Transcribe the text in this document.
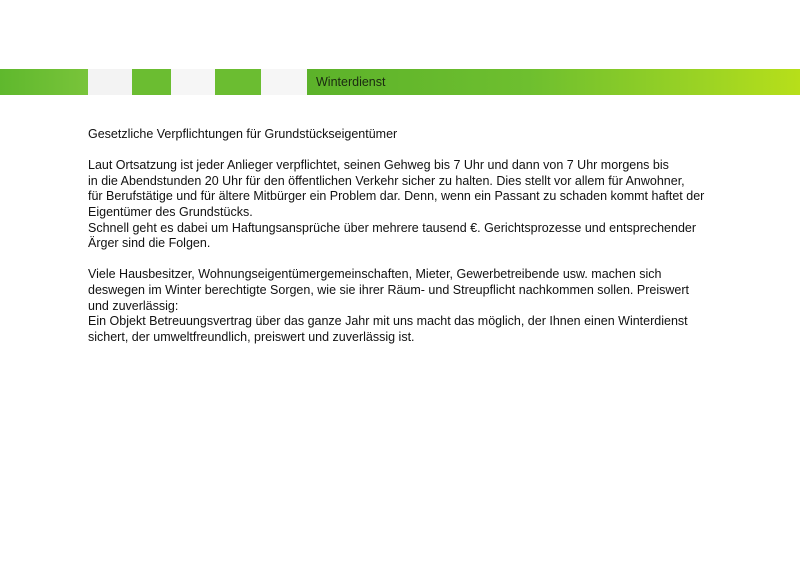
Winterdienst
Gesetzliche Verpflichtungen für Grundstückseigentümer
Laut Ortsatzung ist jeder Anlieger verpflichtet, seinen Gehweg bis 7 Uhr und dann von 7 Uhr morgens bis
in die Abendstunden 20 Uhr für den öffentlichen Verkehr sicher zu halten. Dies stellt vor allem für Anwohner,
für Berufstätige und für ältere Mitbürger ein Problem dar. Denn, wenn ein Passant zu schaden kommt haftet der
Eigentümer des Grundstücks.
Schnell geht es dabei um Haftungsansprüche über mehrere tausend €. Gerichtsprozesse und entsprechender
Ärger sind die Folgen.
Viele Hausbesitzer, Wohnungseigentümergemeinschaften, Mieter, Gewerbetreibende usw. machen sich
deswegen im Winter berechtigte Sorgen, wie sie ihrer Räum- und Streupflicht nachkommen sollen. Preiswert
und zuverlässig:
Ein Objekt Betreuungsvertrag über das ganze Jahr mit uns macht das möglich, der Ihnen einen Winterdienst
sichert, der umweltfreundlich, preiswert und zuverlässig ist.
